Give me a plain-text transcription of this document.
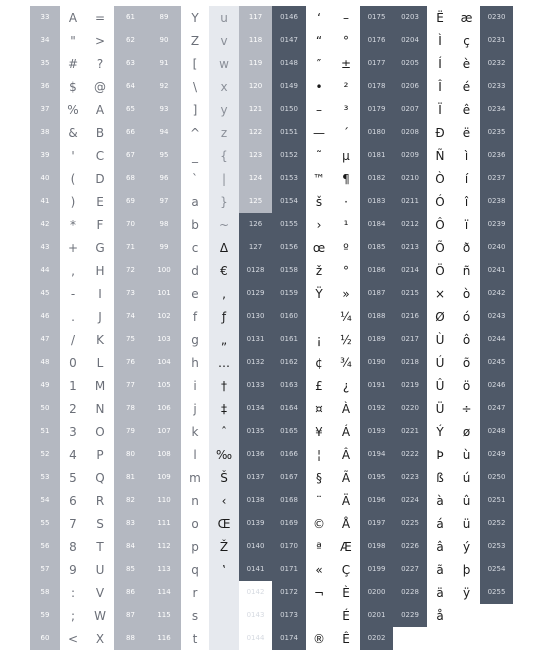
33
34
35
36
37
38
39
40
41
42
43
44
45
46
47
48
49
50
51
52
53
54
55
56
57
58
59
60
A
"
#
$
%
&
'
(
)
*
+
,
-
.
/
0
1
2
3
4
5
6
7
8
9
:
;
<
=
>
?
@
A
B
C
D
E
F
G
H
I
J
K
L
M
N
O
P
Q
R
S
T
U
V
W
X
61
62
63
64
65
66
67
68
69
70
71
72
73
74
75
76
77
78
79
80
81
82
83
84
85
86
87
88
89
90
91
92
93
94
95
96
97
98
99
100
101
102
103
104
105
106
107
108
109
110
111
112
113
114
115
116
Y
Z
[
\
]
^
_
`
a
b
c
d
e
f
g
h
i
j
k
l
m
n
o
p
q
r
s
t
u
v
w
x
y
z
{
|
}
~
Δ
€
,
ƒ
„
…
†
‡
ˆ
‰
Š
‹
Œ
Ž
‛
117
118
119
120
121
122
123
124
125
126
127
0128
0129
0130
0131
0132
0133
0134
0135
0136
0137
0138
0139
0140
0141
0142
0143
0144
0146
0147
0148
0149
0150
0151
0152
0153
0154
0155
0156
0158
0159
0160
0161
0162
0163
0164
0165
0166
0167
0168
0169
0170
0171
0172
0173
0174
‘
“
″
•
–
—
˜
™
š
›
œ
ž
Ÿ
¡
¢
£
¤
¥
¦
§
¨
©
ª
«
¬
®
–
°
±
²
³
´
µ
¶
·
¹
º
°
»
¼
½
¾
¿
À
Á
Â
Ã
Ä
Å
Æ
Ç
È
É
Ê
0175
0176
0177
0178
0179
0180
0181
0182
0183
0184
0185
0186
0187
0188
0189
0190
0191
0192
0193
0194
0195
0196
0197
0198
0199
0200
0201
0202
0203
0204
0205
0206
0207
0208
0209
0210
0211
0212
0213
0214
0215
0216
0217
0218
0219
0220
0221
0222
0223
0224
0225
0226
0227
0228
0229
Ë
Ì
Í
Î
Ï
Ð
Ñ
Ò
Ó
Ô
Õ
Ö
×
Ø
Ù
Ú
Û
Ü
Ý
Þ
ß
à
á
â
ã
ä
å
æ
ç
è
é
ê
ë
ì
í
î
ï
ð
ñ
ò
ó
ô
õ
ö
÷
ø
ù
ú
û
ü
ý
þ
ÿ
0230
0231
0232
0233
0234
0235
0236
0237
0238
0239
0240
0241
0242
0243
0244
0245
0246
0247
0248
0249
0250
0251
0252
0253
0254
0255
